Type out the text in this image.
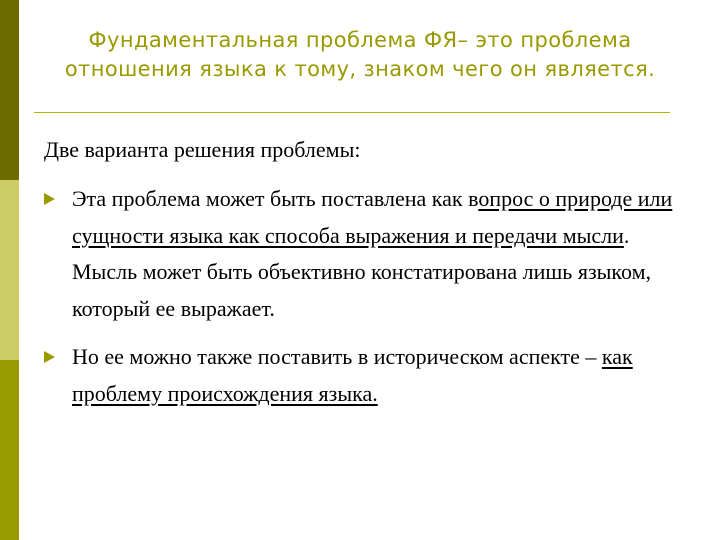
Фундаментальная проблема ФЯ– это проблема отношения языка к тому, знаком чего он является.

Две варианта решения проблемы:

Эта проблема может быть поставлена как вопрос о природе или сущности языка как способа выражения и передачи мысли. Мысль может быть объективно констатирована лишь языком, который ее выражает.

Но ее можно также поставить в историческом аспекте – как проблему происхождения языка.
